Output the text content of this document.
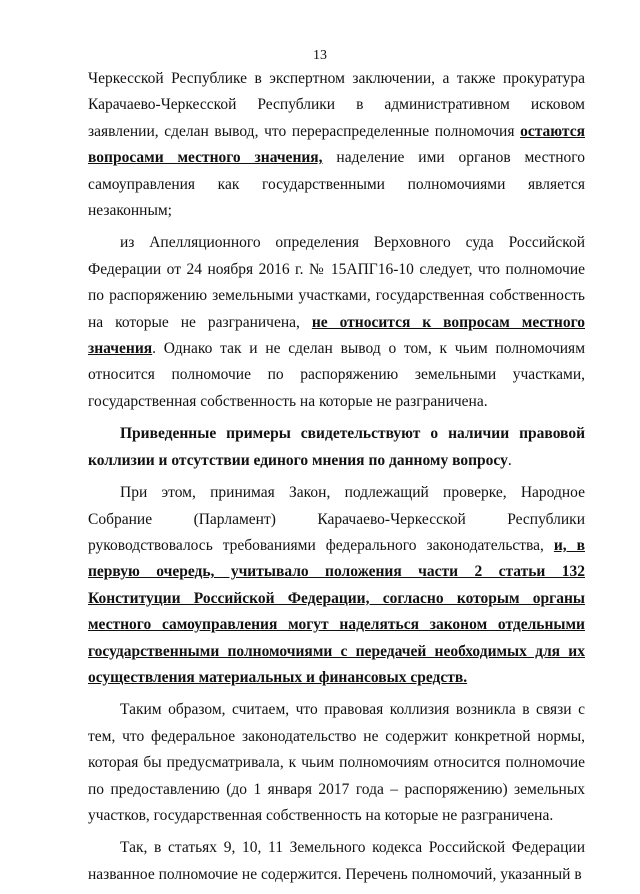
13

Черкесской Республике в экспертном заключении, а также прокуратура Карачаево-Черкесской Республики в административном исковом заявлении, сделан вывод, что перераспределенные полномочия остаются вопросами местного значения, наделение ими органов местного самоуправления как государственными полномочиями является незаконным;

из Апелляционного определения Верховного суда Российской Федерации от 24 ноября 2016 г. № 15АПГ16-10 следует, что полномочие по распоряжению земельными участками, государственная собственность на которые не разграничена, не относится к вопросам местного значения. Однако так и не сделан вывод о том, к чьим полномочиям относится полномочие по распоряжению земельными участками, государственная собственность на которые не разграничена.

Приведенные примеры свидетельствуют о наличии правовой коллизии и отсутствии единого мнения по данному вопросу.

При этом, принимая Закон, подлежащий проверке, Народное Собрание (Парламент) Карачаево-Черкесской Республики руководствовалось требованиями федерального законодательства, и, в первую очередь, учитывало положения части 2 статьи 132 Конституции Российской Федерации, согласно которым органы местного самоуправления могут наделяться законом отдельными государственными полномочиями с передачей необходимых для их осуществления материальных и финансовых средств.

Таким образом, считаем, что правовая коллизия возникла в связи с тем, что федеральное законодательство не содержит конкретной нормы, которая бы предусматривала, к чьим полномочиям относится полномочие по предоставлению (до 1 января 2017 года – распоряжению) земельных участков, государственная собственность на которые не разграничена.

Так, в статьях 9, 10, 11 Земельного кодекса Российской Федерации названное полномочие не содержится. Перечень полномочий, указанный в
